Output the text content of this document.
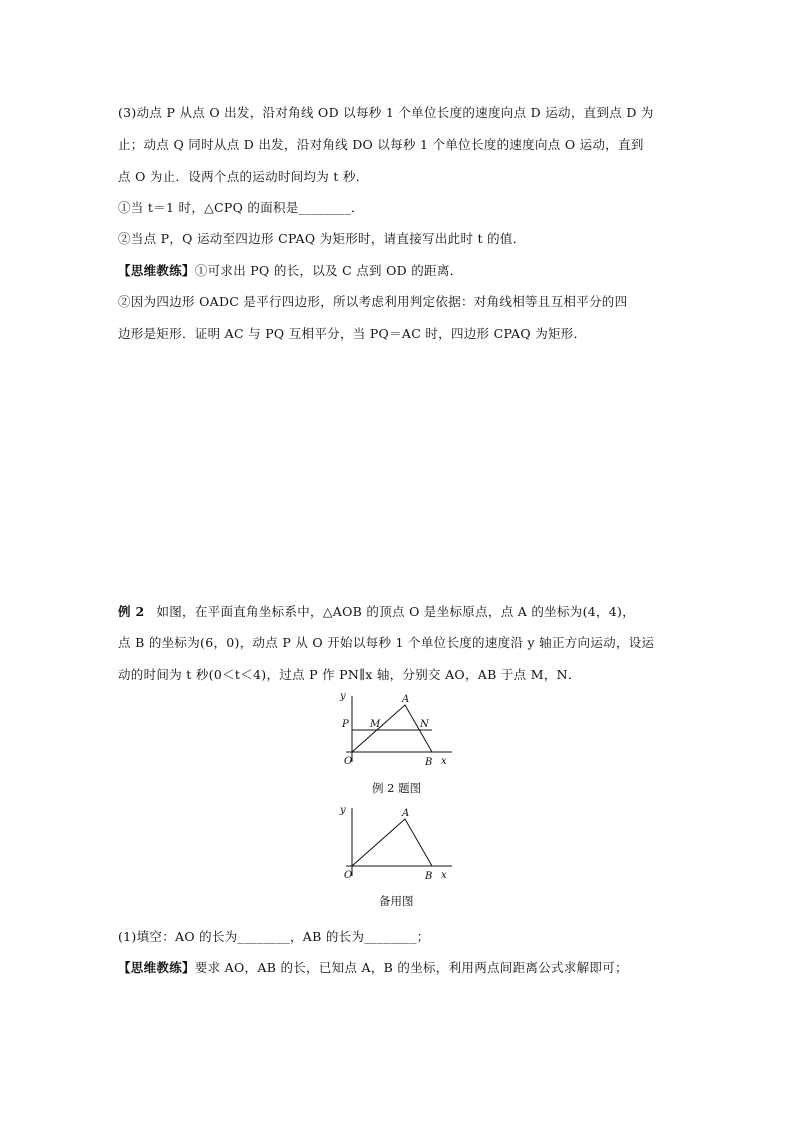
(3)动点 P 从点 O 出发，沿对角线 OD 以每秒 1 个单位长度的速度向点 D 运动，直到点 D 为
止；动点 Q 同时从点 D 出发，沿对角线 DO 以每秒 1 个单位长度的速度向点 O 运动，直到
点 O 为止．设两个点的运动时间均为 t 秒．
①当 t＝1 时，△CPQ 的面积是________．
②当点 P，Q 运动至四边形 CPAQ 为矩形时，请直接写出此时 t 的值．
【思维教练】①可求出 PQ 的长，以及 C 点到 OD 的距离．
②因为四边形 OADC 是平行四边形，所以考虑利用判定依据：对角线相等且互相平分的四
边形是矩形．证明 AC 与 PQ 互相平分，当 PQ＝AC 时，四边形 CPAQ 为矩形．
例 2 如图，在平面直角坐标系中，△AOB 的顶点 O 是坐标原点，点 A 的坐标为(4，4)，
点 B 的坐标为(6，0)，动点 P 从 O 开始以每秒 1 个单位长度的速度沿 y 轴正方向运动，设运
动的时间为 t 秒(0＜t＜4)，过点 P 作 PN∥x 轴，分别交 AO，AB 于点 M，N．
y	A
P M	N
O	B x
例 2 题图
y	A
O	B x
备用图
(1)填空：AO 的长为________，AB 的长为________；
【思维教练】要求 AO，AB 的长，已知点 A，B 的坐标，利用两点间距离公式求解即可；
